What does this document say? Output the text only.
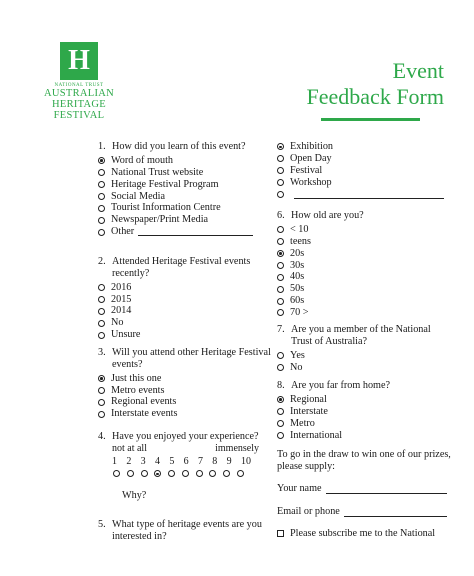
H
NATIONAL TRUST
AUSTRALIAN
HERITAGE
FESTIVAL
Event
Feedback Form
1. How did you learn of this event?
Word of mouth
National Trust website
Heritage Festival Program
Social Media
Tourist Information Centre
Newspaper/Print Media
Other
2. Attended Heritage Festival events recently?
2016
2015
2014
No
Unsure
3. Will you attend other Heritage Festival events?
Just this one
Metro events
Regional events
Interstate events
4. Have you enjoyed your experience?
not at all	immensely
1 2 3 4 5 6 7 8 9 10
Why?
5. What type of heritage events are you interested in?
Exhibition
Open Day
Festival
Workshop
6. How old are you?
< 10
teens
20s
30s
40s
50s
60s
70 >
7. Are you a member of the National Trust of Australia?
Yes
No
8. Are you far from home?
Regional
Interstate
Metro
International
To go in the draw to win one of our prizes, please supply:
Your name
Email or phone
Please subscribe me to the National
